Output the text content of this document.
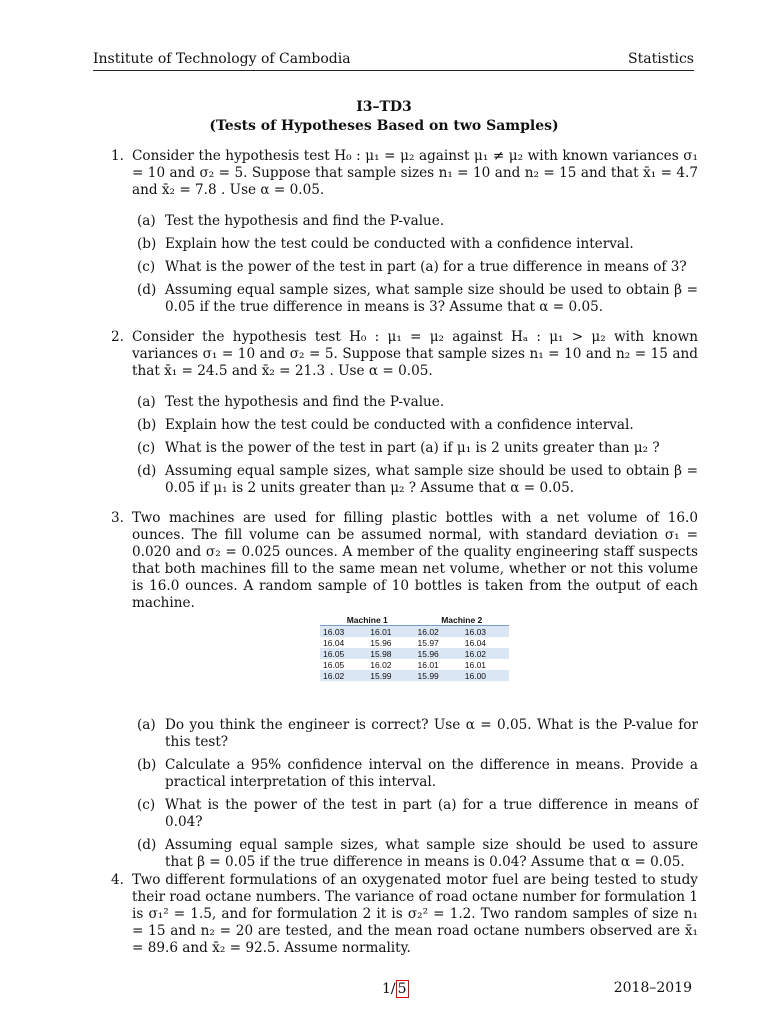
Institute of Technology of Cambodia	Statistics
I3–TD3
(Tests of Hypotheses Based on two Samples)
1. Consider the hypothesis test H₀ : μ₁ = μ₂ against μ₁ ≠ μ₂ with known variances σ₁ = 10 and σ₂ = 5. Suppose that sample sizes n₁ = 10 and n₂ = 15 and that x̄₁ = 4.7 and x̄₂ = 7.8 . Use α = 0.05.
(a) Test the hypothesis and find the P-value.
(b) Explain how the test could be conducted with a confidence interval.
(c) What is the power of the test in part (a) for a true difference in means of 3?
(d) Assuming equal sample sizes, what sample size should be used to obtain β = 0.05 if the true difference in means is 3? Assume that α = 0.05.
2. Consider the hypothesis test H₀ : μ₁ = μ₂ against Hₐ : μ₁ > μ₂ with known variances σ₁ = 10 and σ₂ = 5. Suppose that sample sizes n₁ = 10 and n₂ = 15 and that x̄₁ = 24.5 and x̄₂ = 21.3 . Use α = 0.05.
(a) Test the hypothesis and find the P-value.
(b) Explain how the test could be conducted with a confidence interval.
(c) What is the power of the test in part (a) if μ₁ is 2 units greater than μ₂ ?
(d) Assuming equal sample sizes, what sample size should be used to obtain β = 0.05 if μ₁ is 2 units greater than μ₂ ? Assume that α = 0.05.
3. Two machines are used for filling plastic bottles with a net volume of 16.0 ounces. The fill volume can be assumed normal, with standard deviation σ₁ = 0.020 and σ₂ = 0.025 ounces. A member of the quality engineering staff suspects that both machines fill to the same mean net volume, whether or not this volume is 16.0 ounces. A random sample of 10 bottles is taken from the output of each machine.
Machine 1		Machine 2	
16.03	16.01	16.02	16.03
16.04	15.96	15.97	16.04
16.05	15.98	15.96	16.02
16.05	16.02	16.01	16.01
16.02	15.99	15.99	16.00
(a) Do you think the engineer is correct? Use α = 0.05. What is the P-value for this test?
(b) Calculate a 95% confidence interval on the difference in means. Provide a practical interpretation of this interval.
(c) What is the power of the test in part (a) for a true difference in means of 0.04?
(d) Assuming equal sample sizes, what sample size should be used to assure that β = 0.05 if the true difference in means is 0.04? Assume that α = 0.05.
4. Two different formulations of an oxygenated motor fuel are being tested to study their road octane numbers. The variance of road octane number for formulation 1 is σ₁² = 1.5, and for formulation 2 it is σ₂² = 1.2. Two random samples of size n₁ = 15 and n₂ = 20 are tested, and the mean road octane numbers observed are x̄₁ = 89.6 and x̄₂ = 92.5. Assume normality.
1/ 5	2018–2019
